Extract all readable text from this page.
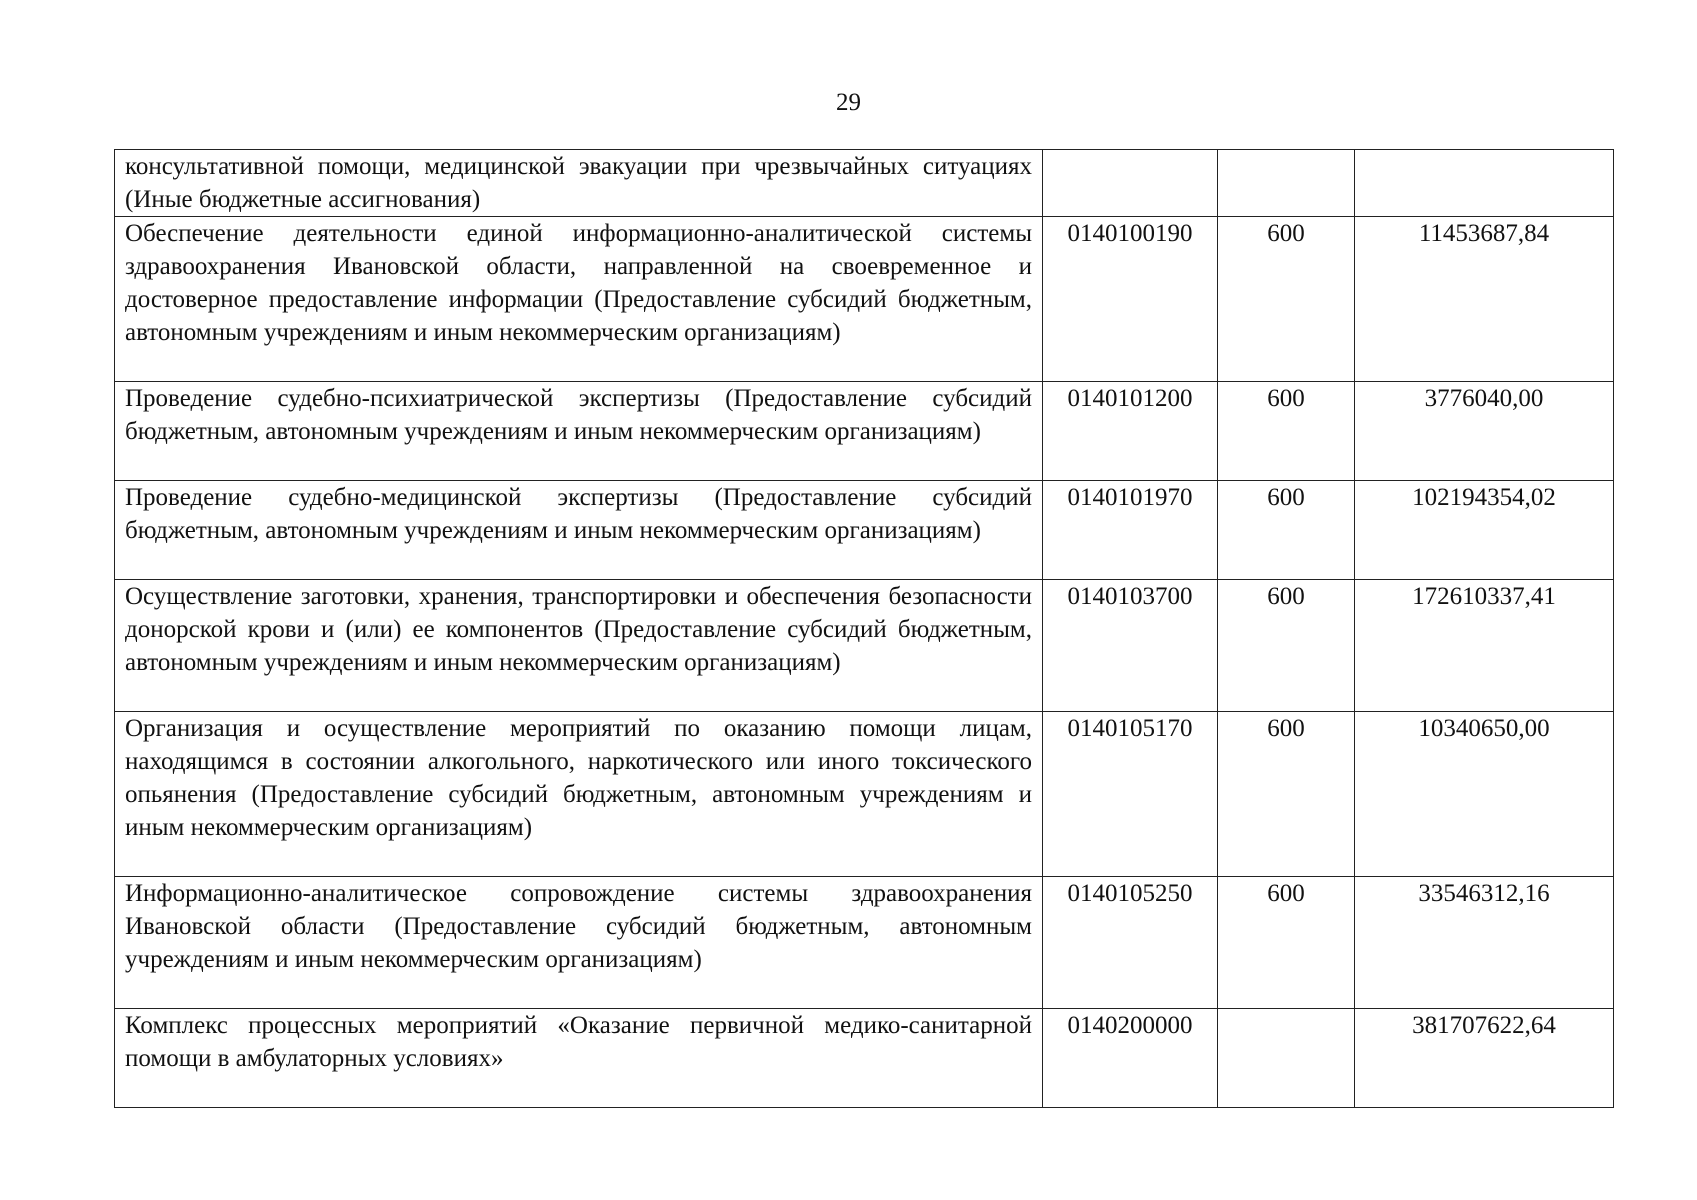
29
консультативной помощи, медицинской эвакуации при чрезвычайных ситуациях (Иные бюджетные ассигнования)			
Обеспечение деятельности единой информационно-аналитической системы здравоохранения Ивановской области, направленной на своевременное и достоверное предоставление информации (Предоставление субсидий бюджетным, автономным учреждениям и иным некоммерческим организациям)	0140100190	600	11453687,84
Проведение судебно-психиатрической экспертизы (Предоставление субсидий бюджетным, автономным учреждениям и иным некоммерческим организациям)	0140101200	600	3776040,00
Проведение судебно-медицинской экспертизы (Предоставление субсидий бюджетным, автономным учреждениям и иным некоммерческим организациям)	0140101970	600	102194354,02
Осуществление заготовки, хранения, транспортировки и обеспечения безопасности донорской крови и (или) ее компонентов (Предоставление субсидий бюджетным, автономным учреждениям и иным некоммерческим организациям)	0140103700	600	172610337,41
Организация и осуществление мероприятий по оказанию помощи лицам, находящимся в состоянии алкогольного, наркотического или иного токсического опьянения (Предоставление субсидий бюджетным, автономным учреждениям и иным некоммерческим организациям)	0140105170	600	10340650,00
Информационно-аналитическое сопровождение системы здравоохранения Ивановской области (Предоставление субсидий бюджетным, автономным учреждениям и иным некоммерческим организациям)	0140105250	600	33546312,16
Комплекс процессных мероприятий «Оказание первичной медико-санитарной помощи в амбулаторных условиях»	0140200000		381707622,64
